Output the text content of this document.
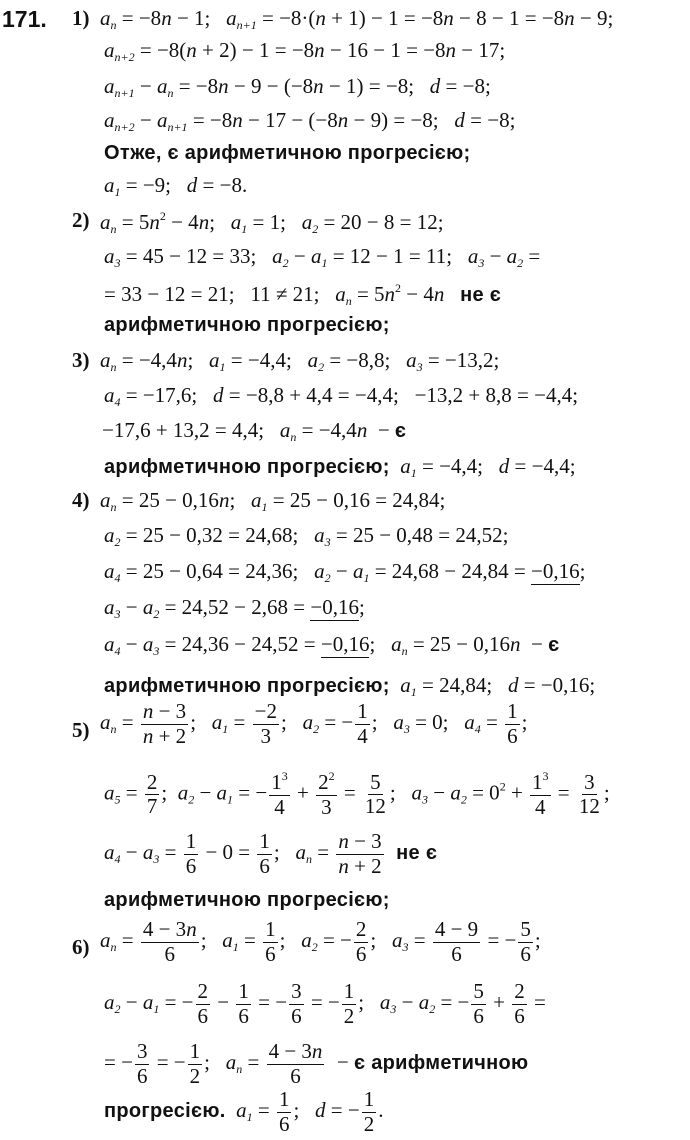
171. 1) $a_n = -8n - 1$;   $a_{n+1} = -8\cdot(n + 1) - 1 = -8n - 8 - 1 = -8n - 9$;
$a_{n+2} = -8(n + 2) - 1 = -8n - 16 - 1 = -8n - 17$;
$a_{n+1} - a_n = -8n - 9 - (-8n - 1) = -8$;   d = −8;
$a_{n+2} - a_{n+1} = -8n - 17 - (-8n - 9) = -8$;   d = −8;
Отже, є арифметичною прогресією;
$a_1 = -9$;   d = −8.
2) $a_n = 5n^2 - 4n$;   $a_1 = 1$;   $a_2 = 20 - 8 = 12$;
$a_3 = 45 - 12 = 33$;   $a_2 - a_1 = 12 - 1 = 11$;   $a_3 - a_2$ =
= 33 − 12 = 21;   11 ≠ 21;   $a_n = 5n^2 - 4n$ не є
арифметичною прогресією;
3) $a_n = -4,4n$;   $a_1 = -4,4$;   $a_2 = -8,8$;   $a_3 = -13,2$;
$a_4 = -17,6$;   d = −8,8 + 4,4 = −4,4;   −13,2 + 8,8 = −4,4;
−17,6 + 13,2 = 4,4;   $a_n = -4,4n - є$
арифметичною прогресією; $a_1 = -4,4$;   d = −4,4;
4) $a_n = 25 - 0,16n$;   $a_1 = 25 - 0,16 = 24,84$;
$a_2 = 25 - 0,32 = 24,68$;   $a_3 = 25 - 0,48 = 24,52$;
$a_4 = 25 - 0,64 = 24,36$;   $a_2 - a_1 = 24,68 - 24,84 = -0,16$;
$a_3 - a_2 = 24,52 - 2,68 = -0,16$;
$a_4 - a_3 = 24,36 - 24,52 = -0,16$;   $a_n = 25 - 0,16n - є$
арифметичною прогресією; $a_1 = 24,84$;   d = −0,16;
5) $a_n = \frac{n - 3}{n + 2}$ ;   $a_1 = \frac{-2}{3}$ ;   $a_2$ = − $\frac{1}{4}$ ;   $a_3 = 0$;   $a_4 = \frac{1}{6}$ ;
$a_5 = \frac{2}{7}$ ;  $a_2 - a_1$ = − $\frac{1^3}{4} + \frac{2^2}{3} = \frac{5}{12}$ ;   $a_3 - a_2 = 0^2 + \frac{1^3}{4} = \frac{3}{12}$ ;
$a_4 - a_3 = \frac{1}{6} - 0 = \frac{1}{6}$ ;   $a_n = \frac{n - 3}{n + 2}$ не є
арифметичною прогресією;
6) $a_n = \frac{4 - 3n}{6}$ ;   $a_1 = \frac{1}{6}$ ;   $a_2$ = − $\frac{2}{6}$ ;   $a_3 = \frac{4 - 9}{6}$ = − $\frac{5}{6}$ ;
$a_2 - a_1$ = − $\frac{2}{6} - \frac{1}{6}$ = − $\frac{3}{6}$ = − $\frac{1}{2}$ ;   $a_3 - a_2$ = − $\frac{5}{6} + \frac{2}{6}$ =
= − $\frac{3}{6}$ = − $\frac{1}{2}$ ;   $a_n = \frac{4 - 3n}{6} - є$ арифметичною
прогресією. $a_1 = \frac{1}{6}$ ;   d = − $\frac{1}{2}$ .
